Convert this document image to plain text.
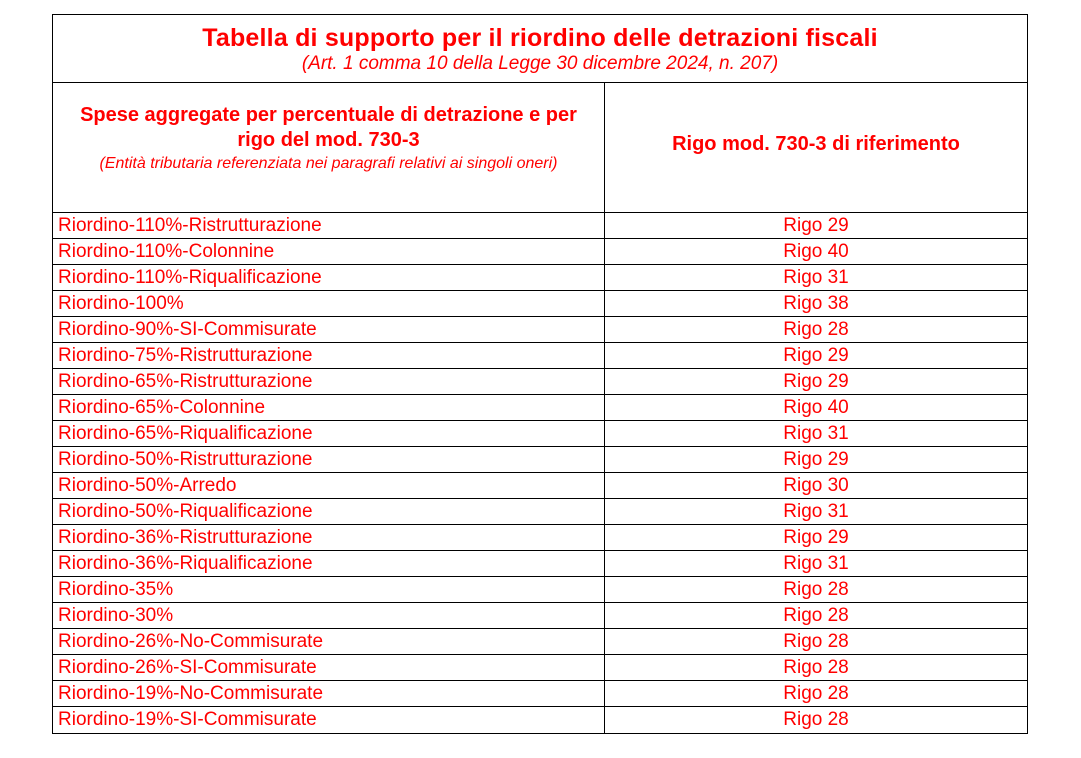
Tabella di supporto per il riordino delle detrazioni fiscali
(Art. 1 comma 10 della Legge 30 dicembre 2024, n. 207)
Spese aggregate per percentuale di detrazione e per rigo del mod. 730-3
(Entità tributaria referenziata nei paragrafi relativi ai singoli oneri)
Rigo mod. 730-3 di riferimento
Riordino-110%-Ristrutturazione	Rigo 29
Riordino-110%-Colonnine	Rigo 40
Riordino-110%-Riqualificazione	Rigo 31
Riordino-100%	Rigo 38
Riordino-90%-SI-Commisurate	Rigo 28
Riordino-75%-Ristrutturazione	Rigo 29
Riordino-65%-Ristrutturazione	Rigo 29
Riordino-65%-Colonnine	Rigo 40
Riordino-65%-Riqualificazione	Rigo 31
Riordino-50%-Ristrutturazione	Rigo 29
Riordino-50%-Arredo	Rigo 30
Riordino-50%-Riqualificazione	Rigo 31
Riordino-36%-Ristrutturazione	Rigo 29
Riordino-36%-Riqualificazione	Rigo 31
Riordino-35%	Rigo 28
Riordino-30%	Rigo 28
Riordino-26%-No-Commisurate	Rigo 28
Riordino-26%-SI-Commisurate	Rigo 28
Riordino-19%-No-Commisurate	Rigo 28
Riordino-19%-SI-Commisurate	Rigo 28
